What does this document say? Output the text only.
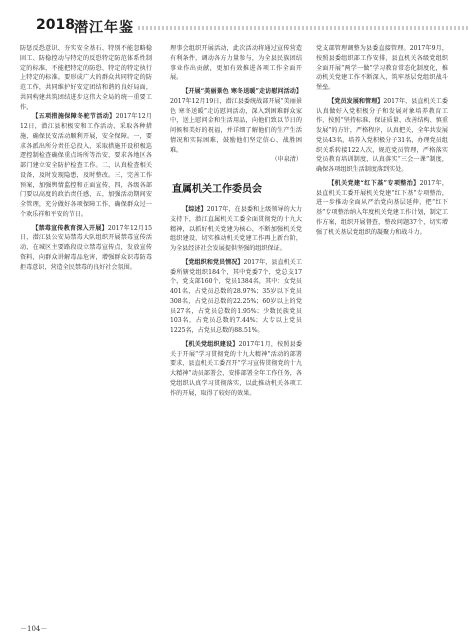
2018 潜江年鉴

防惩反恐意识、夯实安全基石、特别不能忽略稳固工、防稳控动与特定的反恐特定防范体系性制定的标准，不能把特定的防恐、特定的特定执行上特定的标准。要形成广大的群众共同特定的防范工作，共同维护好安定团结和谐的良好局面，共同构建共筑团结进步这伟大全局的统一重要工作，

【五项措施保障冬驼节活动】2017年12月12日，潜江县积极安和工作活动、采取各种措施，确保民安活动顺利开展，安全保障。一，要求各派出所分责任总投入，采取措施开设积极巡逻控制检查确保重点场所等治安，要求各地区各部门建立安全防护检查工作。二，认真检查相关设备，及时发现隐患，及时整改。三，完善工作预案，加强舆情监控和正面宣传，四，各级各部门要以高度的政治责任感，五，加强活动期间安全管理，充分做好各项保障工作，确保群众过一个欢乐祥和平安的节日。

【禁毒宣传教育深入开展】2017年12月15日，潜江县公安局禁毒大队组织开展禁毒宣传活动，在城区主要路段设立禁毒宣传点，发放宣传资料，向群众讲解毒品危害，增强群众识毒防毒拒毒意识，营造全民禁毒的良好社会氛围。

理事会组织开展活动，此次活动将通过宣传营造有利条件，调动各方力量参与，为全县民族团结事业作出贡献，更加有效推进各项工作全面开展。

【开展“美丽景色 寒冬送暖”走访慰问活动】2017年12月19日，潜江县委统战部开展“美丽景色 寒冬送暖”走访慰问活动，深入到困难群众家中，送上慰问金和生活用品，向他们致以节日的问候和美好的祝福，并详细了解他们的生产生活情况和实际困难，鼓励他们坚定信心、战胜困难。

（申泉清）

直属机关工作委员会

【综述】2017年，在县委和上级领导的大力支持下，潜江直属机关工委全面贯彻党的十九大精神，以抓好机关党建为核心，不断加强机关党组织建设，切实推动机关党建工作再上新台阶，为全县经济社会发展提供坚强的组织保证。

【党组织和党员情况】2017年，县直机关工委所辖党组织184个，其中党委7个，党总支17个，党支部160个，党员1384名，其中：女党员401名，占党员总数的28.97%；35岁以下党员308名，占党员总数的22.25%；60岁以上的党员27名，占党员总数的1.95%；少数民族党员103名，占党员总数的7.44%；大专以上党员1225名，占党员总数的88.51%。

【机关党组织建设】2017年1月，按照县委关于开展“学习贯彻党的十九大精神”活动的部署要求，县直机关工委召开“学习宣传贯彻党的十九大精神”动员部署会，安排部署全年工作任务，各党组织认真学习贯彻落实，以此推动机关各项工作的开展，取得了较好的效果。

党支部管理调整为县委直接管理。2017年9月，按照县委组织部工作安排，县直机关各级党组织全面开展“两学一做”学习教育常态化制度化，推动机关党建工作不断深入，筑牢基层党组织战斗堡垒。

【党员发展和管理】2017年，县直机关工委认真做好入党积极分子和发展对象培养教育工作，按照“坚持标准、保证质量、改善结构、慎重发展”的方针，严格程序，认真把关，全年共发展党员43名，培养入党积极分子31名，办理党员组织关系转接122人次，规范党员管理，严格落实党员教育培训制度，认真落实“三会一课”制度，确保各项组织生活制度落到实处。

【机关党建“红下基”专项整治】2017年，县直机关工委开展机关党建“红下基”专项整治，进一步推动全面从严治党向基层延伸，把“红下基”专项整治纳入年度机关党建工作计划，制定工作方案，组织开展督查，整改问题37个，切实增强了机关基层党组织的凝聚力和战斗力。

－104－
